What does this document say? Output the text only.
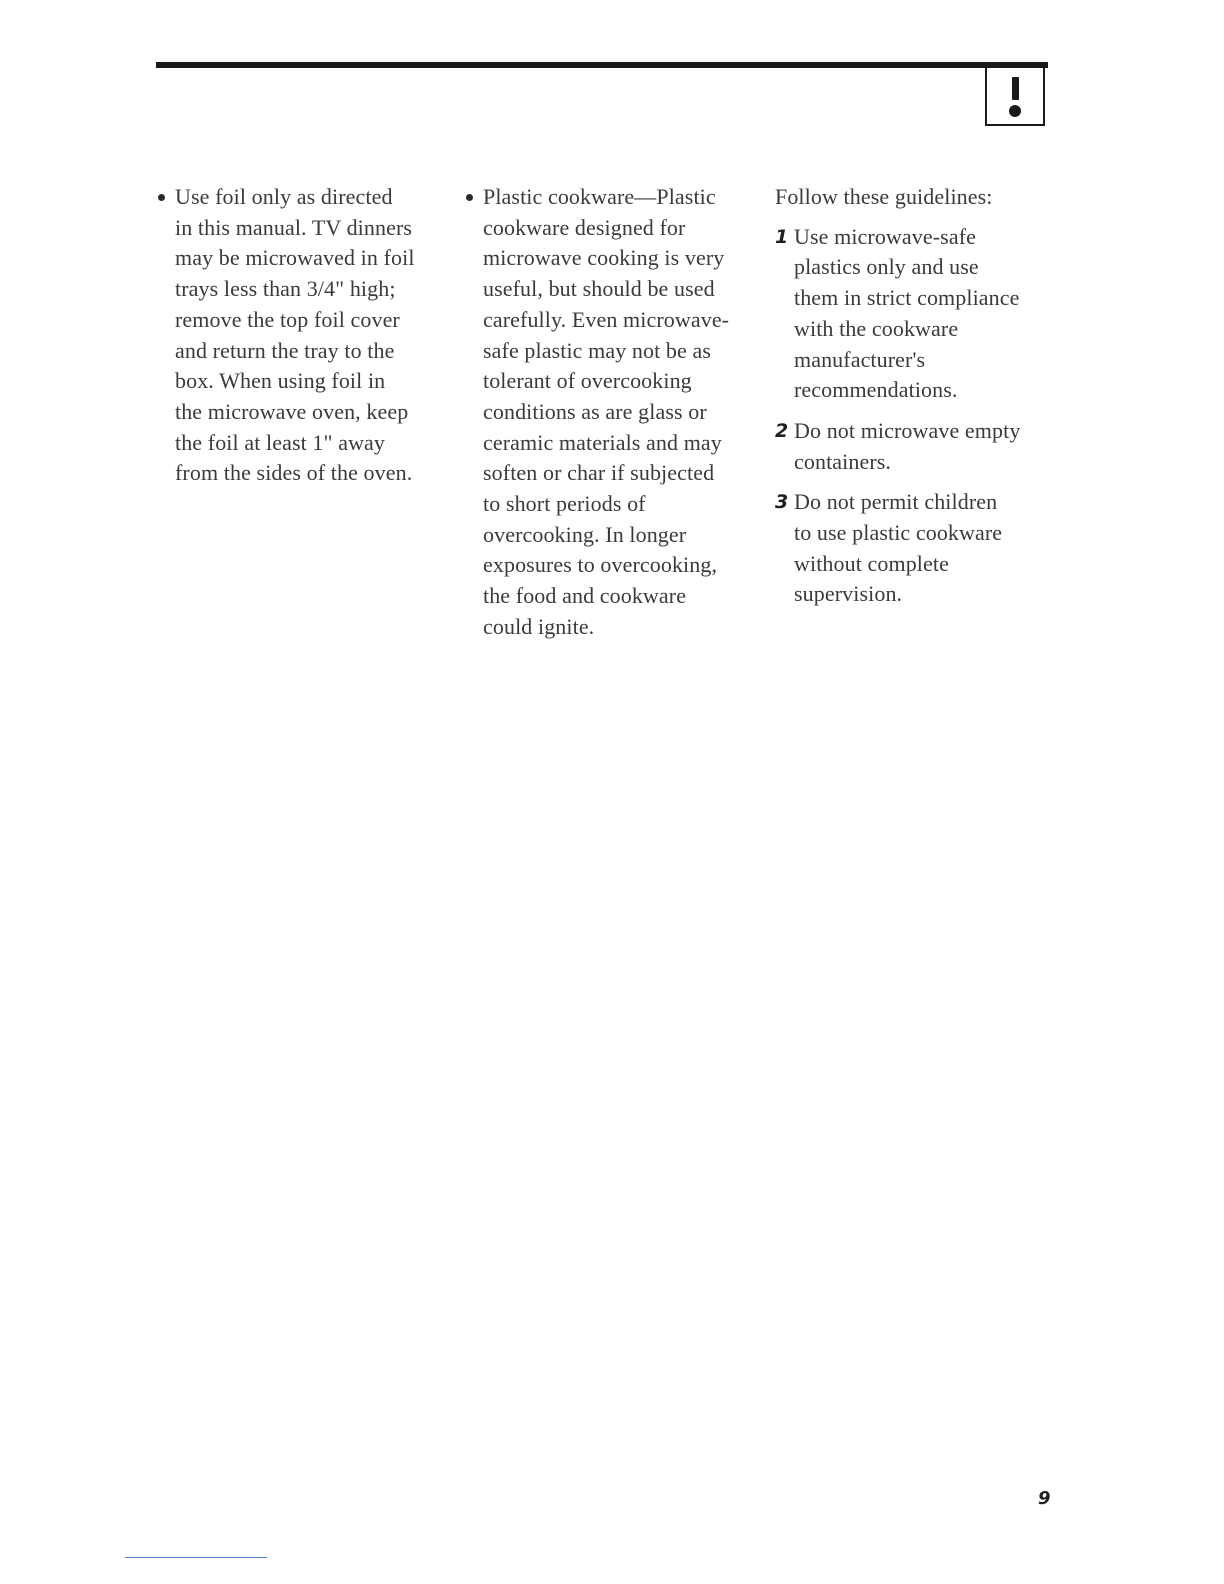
Use foil only as directed
in this manual. TV dinners
may be microwaved in foil
trays less than 3/4" high;
remove the top foil cover
and return the tray to the
box. When using foil in
the microwave oven, keep
the foil at least 1" away
from the sides of the oven.
Plastic cookware—Plastic
cookware designed for
microwave cooking is very
useful, but should be used
carefully. Even microwave-
safe plastic may not be as
tolerant of overcooking
conditions as are glass or
ceramic materials and may
soften or char if subjected
to short periods of
overcooking. In longer
exposures to overcooking,
the food and cookware
could ignite.
Follow these guidelines:
1 Use microwave-safe
plastics only and use
them in strict compliance
with the cookware
manufacturer's
recommendations.
2 Do not microwave empty
containers.
3 Do not permit children
to use plastic cookware
without complete
supervision.
9
